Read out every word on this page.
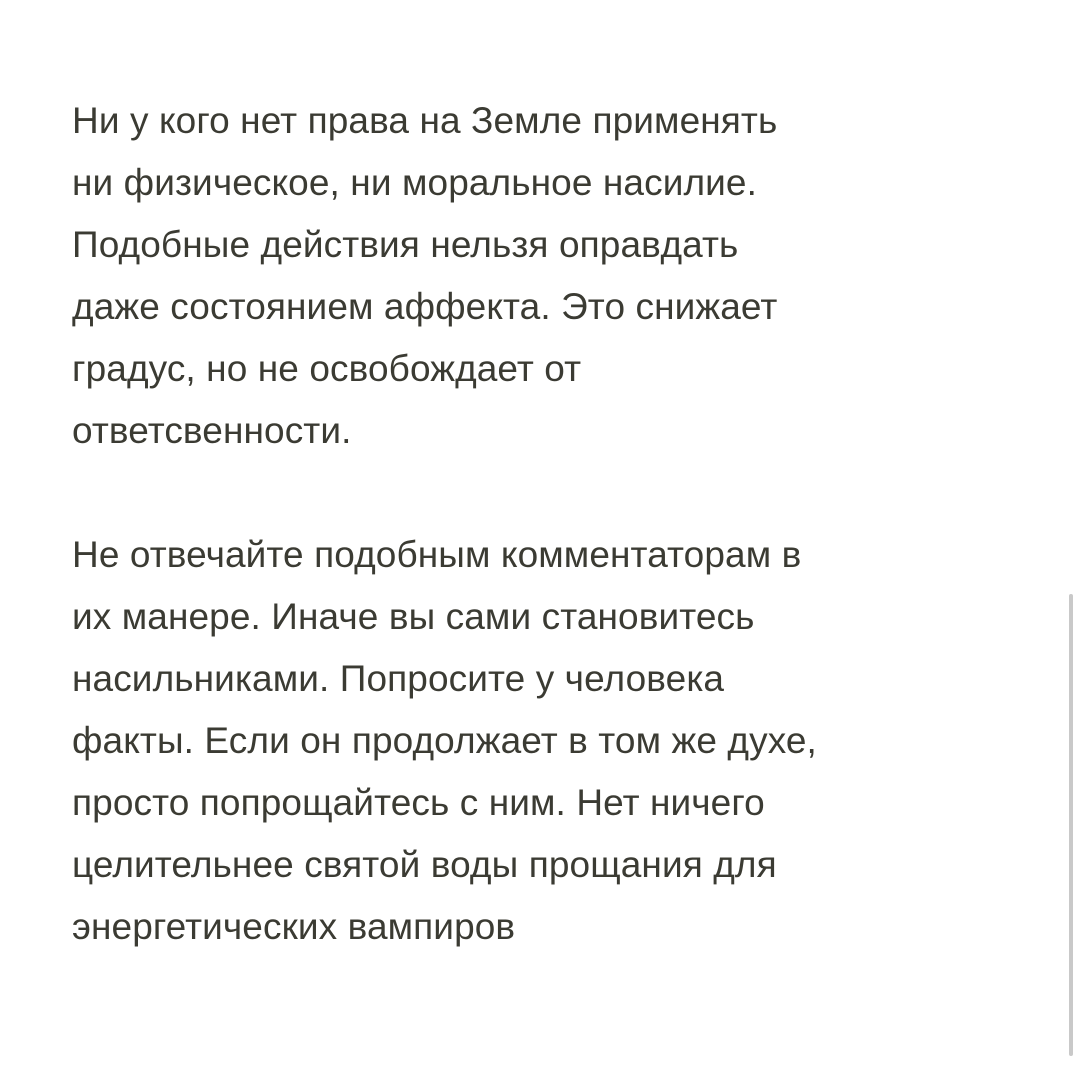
Ни у кого нет права на Земле применять
ни физическое, ни моральное насилие.
Подобные действия нельзя оправдать
даже состоянием аффекта. Это снижает
градус, но не освобождает от
ответсвенности.
Не отвечайте подобным комментаторам в
их манере. Иначе вы сами становитесь
насильниками. Попросите у человека
факты. Если он продолжает в том же духе,
просто попрощайтесь с ним. Нет ничего
целительнее святой воды прощания для
энергетических вампиров
